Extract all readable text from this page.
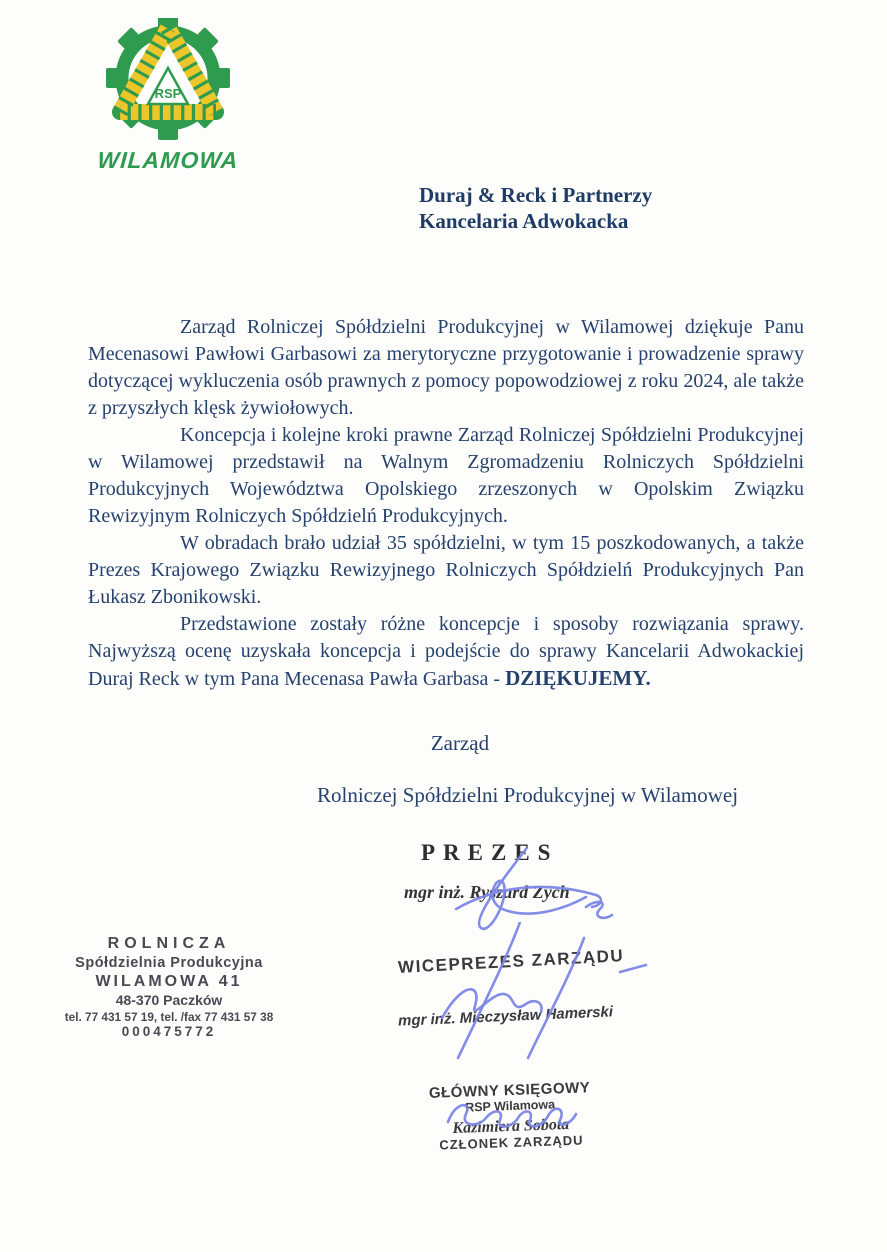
RSP
WILAMOWA
Duraj & Reck i Partnerzy
Kancelaria Adwokacka

Zarząd Rolniczej Spółdzielni Produkcyjnej w Wilamowej dziękuje Panu Mecenasowi Pawłowi Garbasowi za merytoryczne przygotowanie i prowadzenie sprawy dotyczącej wykluczenia osób prawnych z pomocy popowodziowej z roku 2024, ale także z przyszłych klęsk żywiołowych.

Koncepcja i kolejne kroki prawne Zarząd Rolniczej Spółdzielni Produkcyjnej w Wilamowej przedstawił na Walnym Zgromadzeniu Rolniczych Spółdzielni Produkcyjnych Województwa Opolskiego zrzeszonych w Opolskim Związku Rewizyjnym Rolniczych Spółdzielń Produkcyjnych.

W obradach brało udział 35 spółdzielni, w tym 15 poszkodowanych, a także Prezes Krajowego Związku Rewizyjnego Rolniczych Spółdzielń Produkcyjnych Pan Łukasz Zbonikowski.

Przedstawione zostały różne koncepcje i sposoby rozwiązania sprawy. Najwyższą ocenę uzyskała koncepcja i podejście do sprawy Kancelarii Adwokackiej Duraj Reck w tym Pana Mecenasa Pawła Garbasa - DZIĘKUJEMY.

Zarząd
Rolniczej Spółdzielni Produkcyjnej w Wilamowej
PREZES
mgr inż. Ryszard Zych
ROLNICZA
Spółdzielnia Produkcyjna
WILAMOWA 41
48-370 Paczków
tel. 77 431 57 19, tel. /fax 77 431 57 38
000475772
WICEPREZES ZARZĄDU
mgr inż. Mieczysław Hamerski
GŁÓWNY KSIĘGOWY
RSP Wilamowa
Kazimiera Sobota
CZŁONEK ZARZĄDU
